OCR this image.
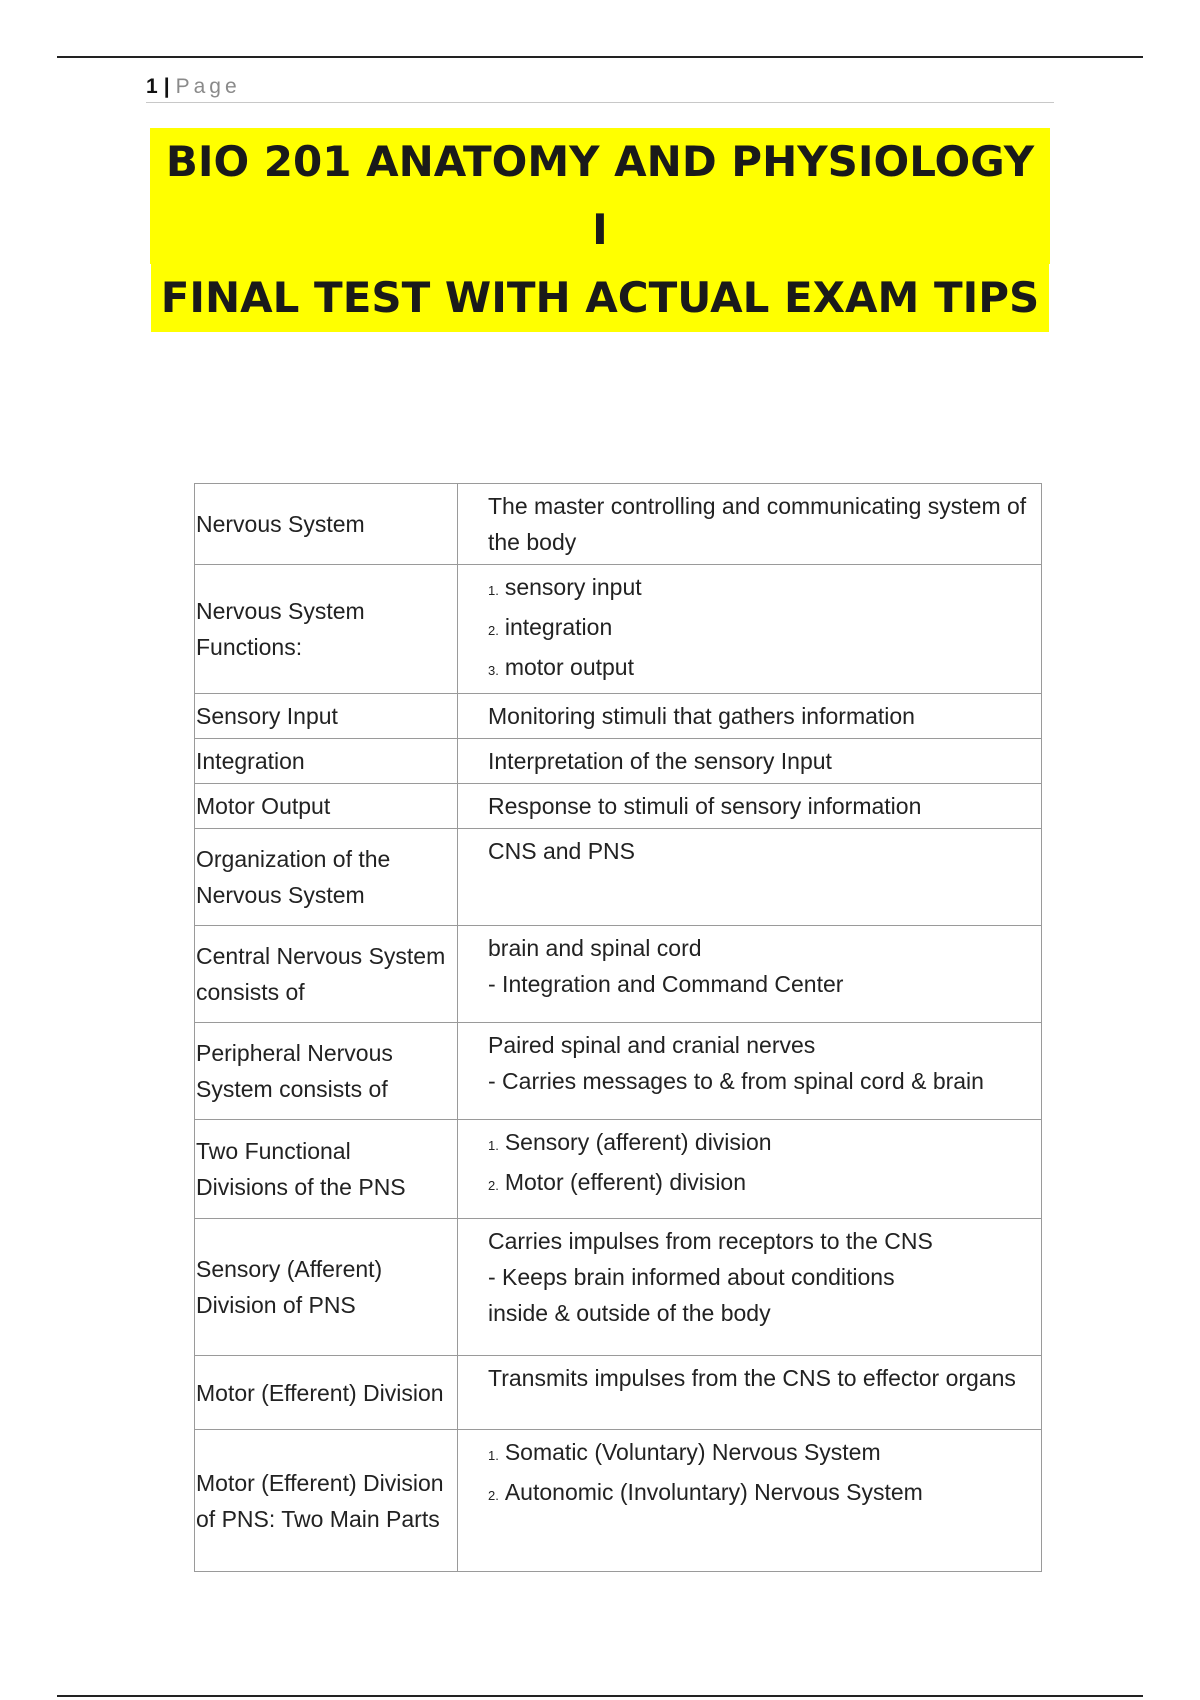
1 | Page
BIO 201 ANATOMY AND PHYSIOLOGY I
FINAL TEST WITH ACTUAL EXAM TIPS
Nervous System	The master controlling and communicating system of the body

Nervous System Functions:	1. sensory input
2. integration
3. motor output

Sensory Input	Monitoring stimuli that gathers information

Integration	Interpretation of the sensory Input

Motor Output	Response to stimuli of sensory information

Organization of the Nervous System	CNS and PNS

Central Nervous System consists of	brain and spinal cord
- Integration and Command Center

Peripheral Nervous System consists of	Paired spinal and cranial nerves
- Carries messages to & from spinal cord & brain

Two Functional Divisions of the PNS	1. Sensory (afferent) division
2. Motor (efferent) division

Sensory (Afferent) Division of PNS	Carries impulses from receptors to the CNS
- Keeps brain informed about conditions
inside & outside of the body

Motor (Efferent) Division	Transmits impulses from the CNS to effector organs

Motor (Efferent) Division of PNS: Two Main Parts	1. Somatic (Voluntary) Nervous System
2. Autonomic (Involuntary) Nervous System
